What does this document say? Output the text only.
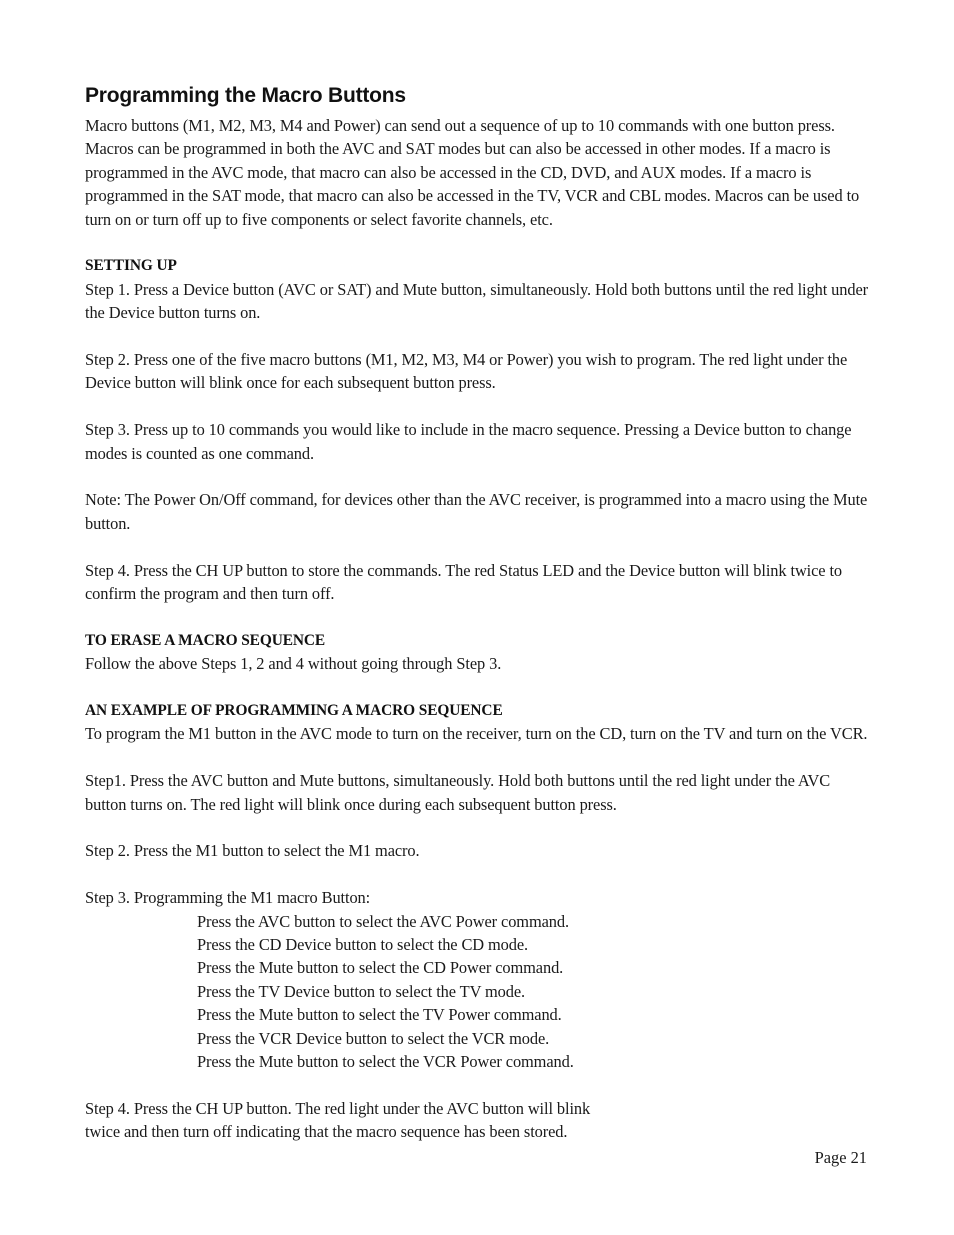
Programming the Macro Buttons

Macro buttons (M1, M2, M3, M4 and Power) can send out a sequence of up to 10 commands with one button press. Macros can be programmed in both the AVC and SAT modes but can also be accessed in other modes. If a macro is programmed in the AVC mode, that macro can also be accessed in the CD, DVD, and AUX modes. If a macro is programmed in the SAT mode, that macro can also be accessed in the TV, VCR and CBL modes. Macros can be used to turn on or turn off up to five components or select favorite channels, etc.

SETTING UP

Step 1. Press a Device button (AVC or SAT) and Mute button, simultaneously. Hold both buttons until the red light under the Device button turns on.

Step 2. Press one of the five macro buttons (M1, M2, M3, M4 or Power) you wish to program. The red light under the Device button will blink once for each subsequent button press.

Step 3. Press up to 10 commands you would like to include in the macro sequence. Pressing a Device button to change modes is counted as one command.

Note: The Power On/Off command, for devices other than the AVC receiver, is programmed into a macro using the Mute button.

Step 4. Press the CH UP button to store the commands. The red Status LED and the Device button will blink twice to confirm the program and then turn off.

TO ERASE A MACRO SEQUENCE

Follow the above Steps 1, 2 and 4 without going through Step 3.

AN EXAMPLE OF PROGRAMMING A MACRO SEQUENCE

To program the M1 button in the AVC mode to turn on the receiver, turn on the CD, turn on the TV and turn on the VCR.

Step1. Press the AVC button and Mute buttons, simultaneously. Hold both buttons until the red light under the AVC button turns on. The red light will blink once during each subsequent button press.

Step 2. Press the M1 button to select the M1 macro.

Step 3. Programming the M1 macro Button:

Press the AVC button to select the AVC Power command.

Press the CD Device button to select the CD mode.

Press the Mute button to select the CD Power command.

Press the TV Device button to select the TV mode.

Press the Mute button to select the TV Power command.

Press the VCR Device button to select the VCR mode.

Press the Mute button to select the VCR Power command.

Step 4. Press the CH UP button. The red light under the AVC button will blink

twice and then turn off indicating that the macro sequence has been stored.

Page 21
